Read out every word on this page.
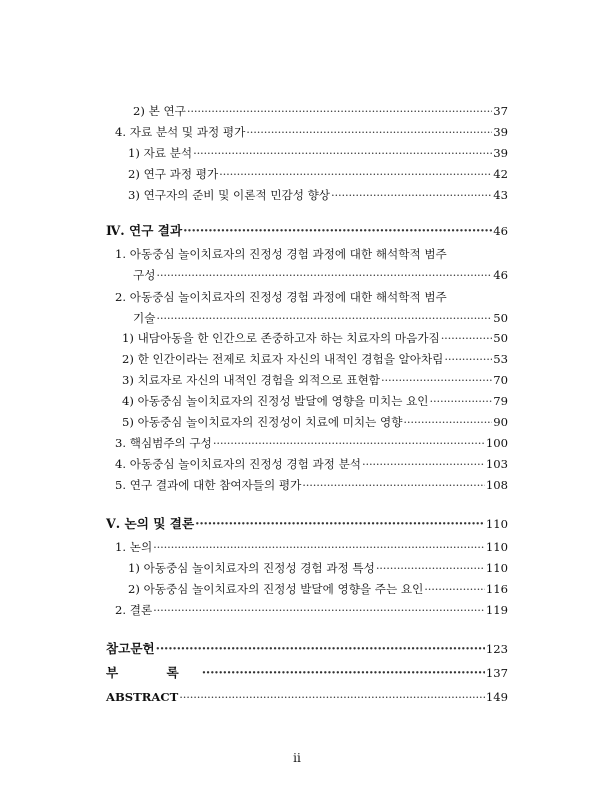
2) 본 연구 ·····	37
4. 자료 분석 및 과정 평가 ·····	39
1) 자료 분석 ·····	39
2) 연구 과정 평가 ·····	42
3) 연구자의 준비 및 이론적 민감성 향상 ·····	43
Ⅳ. 연구 결과 ·····	46
1. 아동중심 놀이치료자의 진정성 경험 과정에 대한 해석학적 범주
구성 ·····	46
2. 아동중심 놀이치료자의 진정성 경험 과정에 대한 해석학적 범주
기술 ·····	50
1) 내담아동을 한 인간으로 존중하고자 하는 치료자의 마음가짐 ·····	50
2) 한 인간이라는 전제로 치료자 자신의 내적인 경험을 알아차림 ·····	53
3) 치료자로 자신의 내적인 경험을 외적으로 표현함 ·····	70
4) 아동중심 놀이치료자의 진정성 발달에 영향을 미치는 요인 ·····	79
5) 아동중심 놀이치료자의 진정성이 치료에 미치는 영향 ·····	90
3. 핵심범주의 구성 ·····	100
4. 아동중심 놀이치료자의 진정성 경험 과정 분석 ·····	103
5. 연구 결과에 대한 참여자들의 평가 ·····	108
Ⅴ. 논의 및 결론 ·····	110
1. 논의 ·····	110
1) 아동중심 놀이치료자의 진정성 경험 과정 특성 ·····	110
2) 아동중심 놀이치료자의 진정성 발달에 영향을 주는 요인 ·····	116
2. 결론 ·····	119
참고문헌 ·····	123
부 록 ·····	137
ABSTRACT ·····	149
ii
